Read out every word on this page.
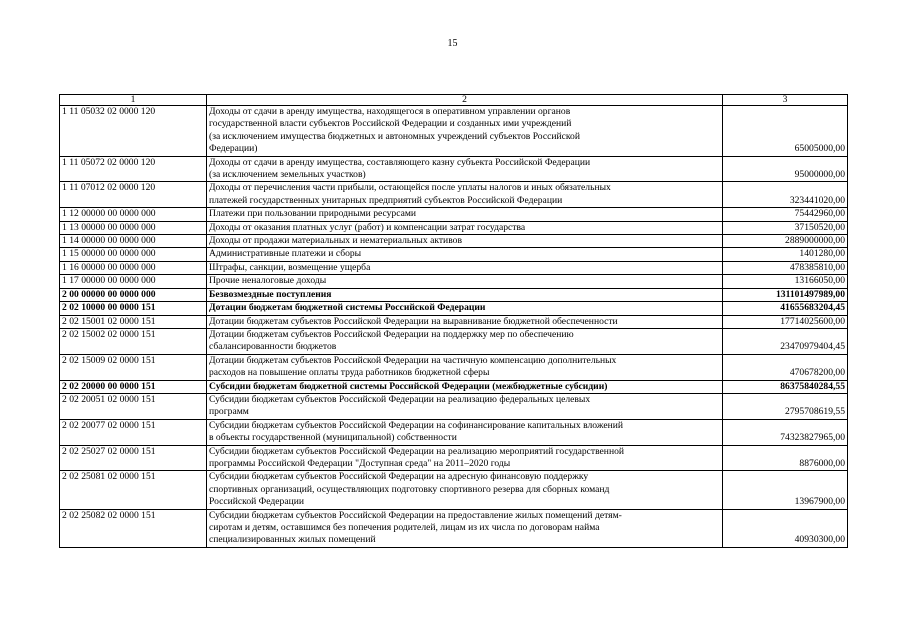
15
1	2	3
1 11 05032 02 0000 120	Доходы от сдачи в аренду имущества, находящегося в оперативном управлении органов
государственной власти субъектов Российской Федерации и созданных ими учреждений
(за исключением имущества бюджетных и автономных учреждений субъектов Российской
Федерации)	65005000,00
1 11 05072 02 0000 120	Доходы от сдачи в аренду имущества, составляющего казну субъекта Российской Федерации
(за исключением земельных участков)	95000000,00
1 11 07012 02 0000 120	Доходы от перечисления части прибыли, остающейся после уплаты налогов и иных обязательных
платежей государственных унитарных предприятий субъектов Российской Федерации	323441020,00
1 12 00000 00 0000 000	Платежи при пользовании природными ресурсами	75442960,00
1 13 00000 00 0000 000	Доходы от оказания платных услуг (работ) и компенсации затрат государства	37150520,00
1 14 00000 00 0000 000	Доходы от продажи материальных и нематериальных активов	2889000000,00
1 15 00000 00 0000 000	Административные платежи и сборы	1401280,00
1 16 00000 00 0000 000	Штрафы, санкции, возмещение ущерба	478385810,00
1 17 00000 00 0000 000	Прочие неналоговые доходы	13166050,00
2 00 00000 00 0000 000	Безвозмездные поступления	131101497989,00
2 02 10000 00 0000 151	Дотации бюджетам бюджетной системы Российской Федерации	41655683204,45
2 02 15001 02 0000 151	Дотации бюджетам субъектов Российской Федерации на выравнивание бюджетной обеспеченности	17714025600,00
2 02 15002 02 0000 151	Дотации бюджетам субъектов Российской Федерации на поддержку мер по обеспечению
сбалансированности бюджетов	23470979404,45
2 02 15009 02 0000 151	Дотации бюджетам субъектов Российской Федерации на частичную компенсацию дополнительных
расходов на повышение оплаты труда работников бюджетной сферы	470678200,00
2 02 20000 00 0000 151	Субсидии бюджетам бюджетной системы Российской Федерации (межбюджетные субсидии)	86375840284,55
2 02 20051 02 0000 151	Субсидии бюджетам субъектов Российской Федерации на реализацию федеральных целевых
программ	2795708619,55
2 02 20077 02 0000 151	Субсидии бюджетам субъектов Российской Федерации на софинансирование капитальных вложений
в объекты государственной (муниципальной) собственности	74323827965,00
2 02 25027 02 0000 151	Субсидии бюджетам субъектов Российской Федерации на реализацию мероприятий государственной
программы Российской Федерации "Доступная среда" на 2011–2020 годы	8876000,00
2 02 25081 02 0000 151	Субсидии бюджетам субъектов Российской Федерации на адресную финансовую поддержку
спортивных организаций, осуществляющих подготовку спортивного резерва для сборных команд
Российской Федерации	13967900,00
2 02 25082 02 0000 151	Субсидии бюджетам субъектов Российской Федерации на предоставление жилых помещений детям-
сиротам и детям, оставшимся без попечения родителей, лицам из их числа по договорам найма
специализированных жилых помещений	40930300,00
